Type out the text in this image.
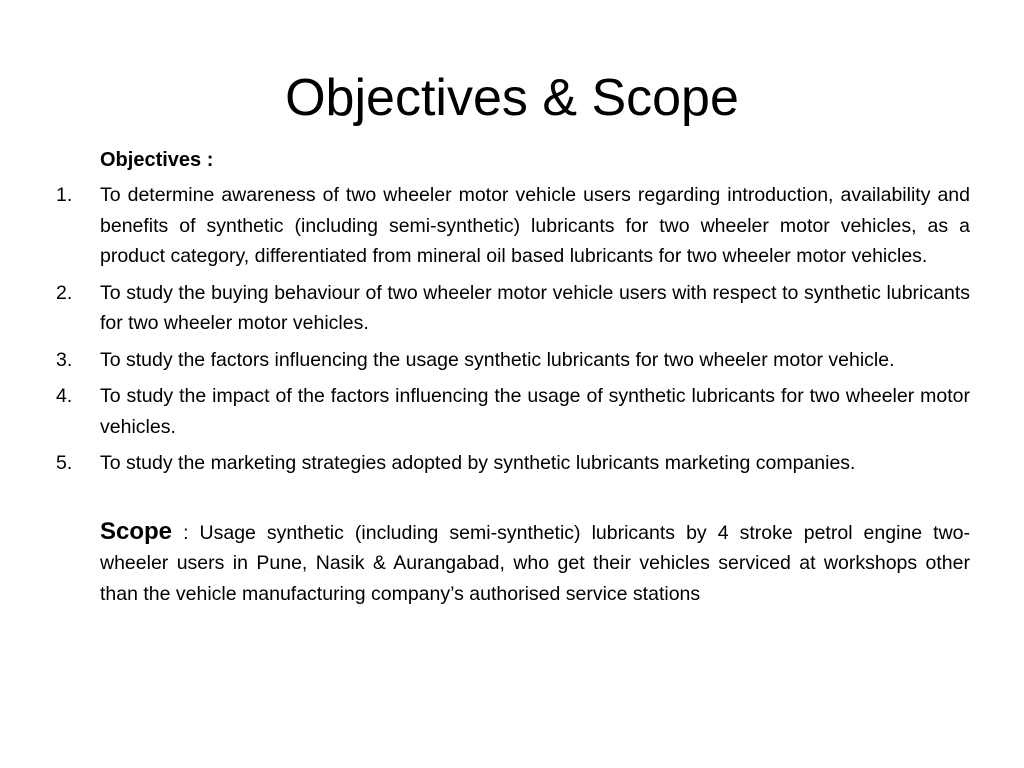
Objectives & Scope
Objectives :
1. To determine awareness of two wheeler motor vehicle users regarding introduction, availability and benefits of synthetic (including semi-synthetic) lubricants for two wheeler motor vehicles, as a product category, differentiated from mineral oil based lubricants for two wheeler motor vehicles.
2. To study the buying behaviour of two wheeler motor vehicle users with respect to synthetic lubricants for two wheeler motor vehicles.
3. To study the factors influencing the usage synthetic lubricants for two wheeler motor vehicle.
4. To study the impact of the factors influencing the usage of synthetic lubricants for two wheeler motor vehicles.
5. To study the marketing strategies adopted by synthetic lubricants marketing companies.

Scope : Usage synthetic (including semi-synthetic) lubricants by 4 stroke petrol engine two-wheeler users in Pune, Nasik & Aurangabad, who get their vehicles serviced at workshops other than the vehicle manufacturing company’s authorised service stations
